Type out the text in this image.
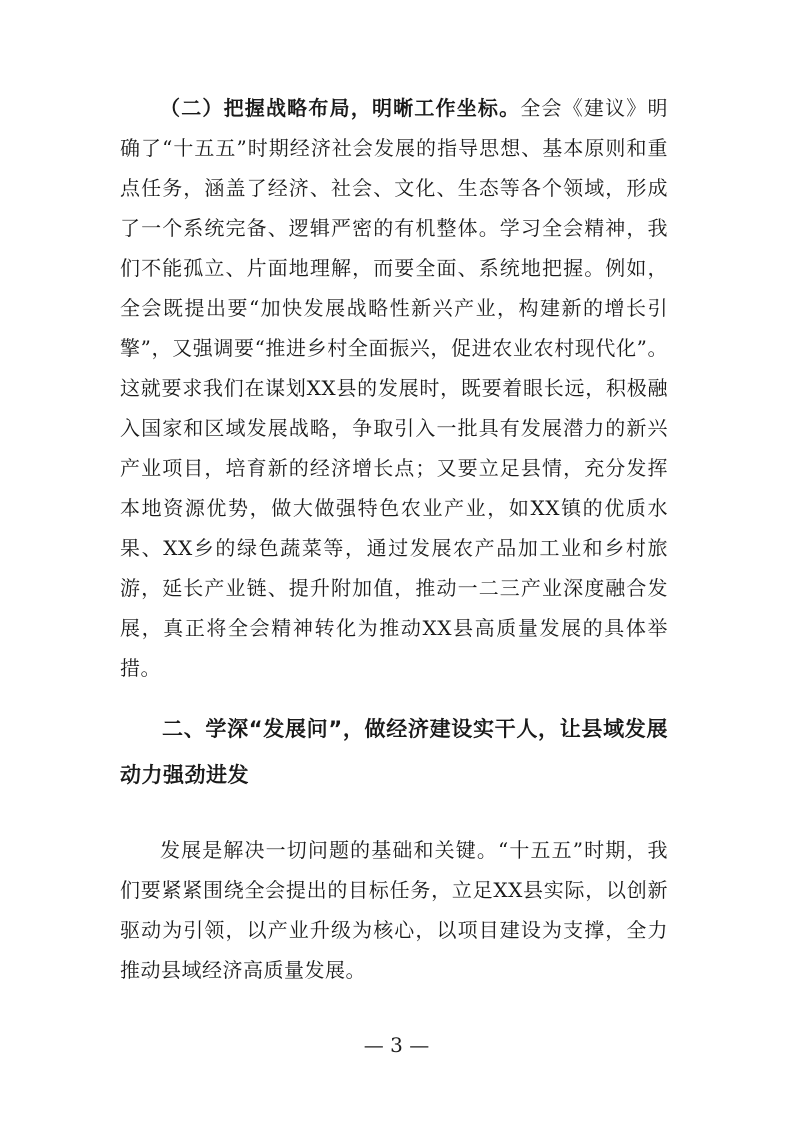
（二）把握战略布局，明晰工作坐标。全会《建议》明确了“十五五”时期经济社会发展的指导思想、基本原则和重点任务，涵盖了经济、社会、文化、生态等各个领域，形成了一个系统完备、逻辑严密的有机整体。学习全会精神，我们不能孤立、片面地理解，而要全面、系统地把握。例如，全会既提出要“加快发展战略性新兴产业，构建新的增长引擎”，又强调要“推进乡村全面振兴，促进农业农村现代化”。这就要求我们在谋划XX县的发展时，既要着眼长远，积极融入国家和区域发展战略，争取引入一批具有发展潜力的新兴产业项目，培育新的经济增长点；又要立足县情，充分发挥本地资源优势，做大做强特色农业产业，如XX镇的优质水果、XX乡的绿色蔬菜等，通过发展农产品加工业和乡村旅游，延长产业链、提升附加值，推动一二三产业深度融合发展，真正将全会精神转化为推动XX县高质量发展的具体举措。

二、学深“发展问”，做经济建设实干人，让县域发展动力强劲进发

发展是解决一切问题的基础和关键。“十五五”时期，我们要紧紧围绕全会提出的目标任务，立足XX县实际，以创新驱动为引领，以产业升级为核心，以项目建设为支撑，全力推动县域经济高质量发展。

— 3 —
